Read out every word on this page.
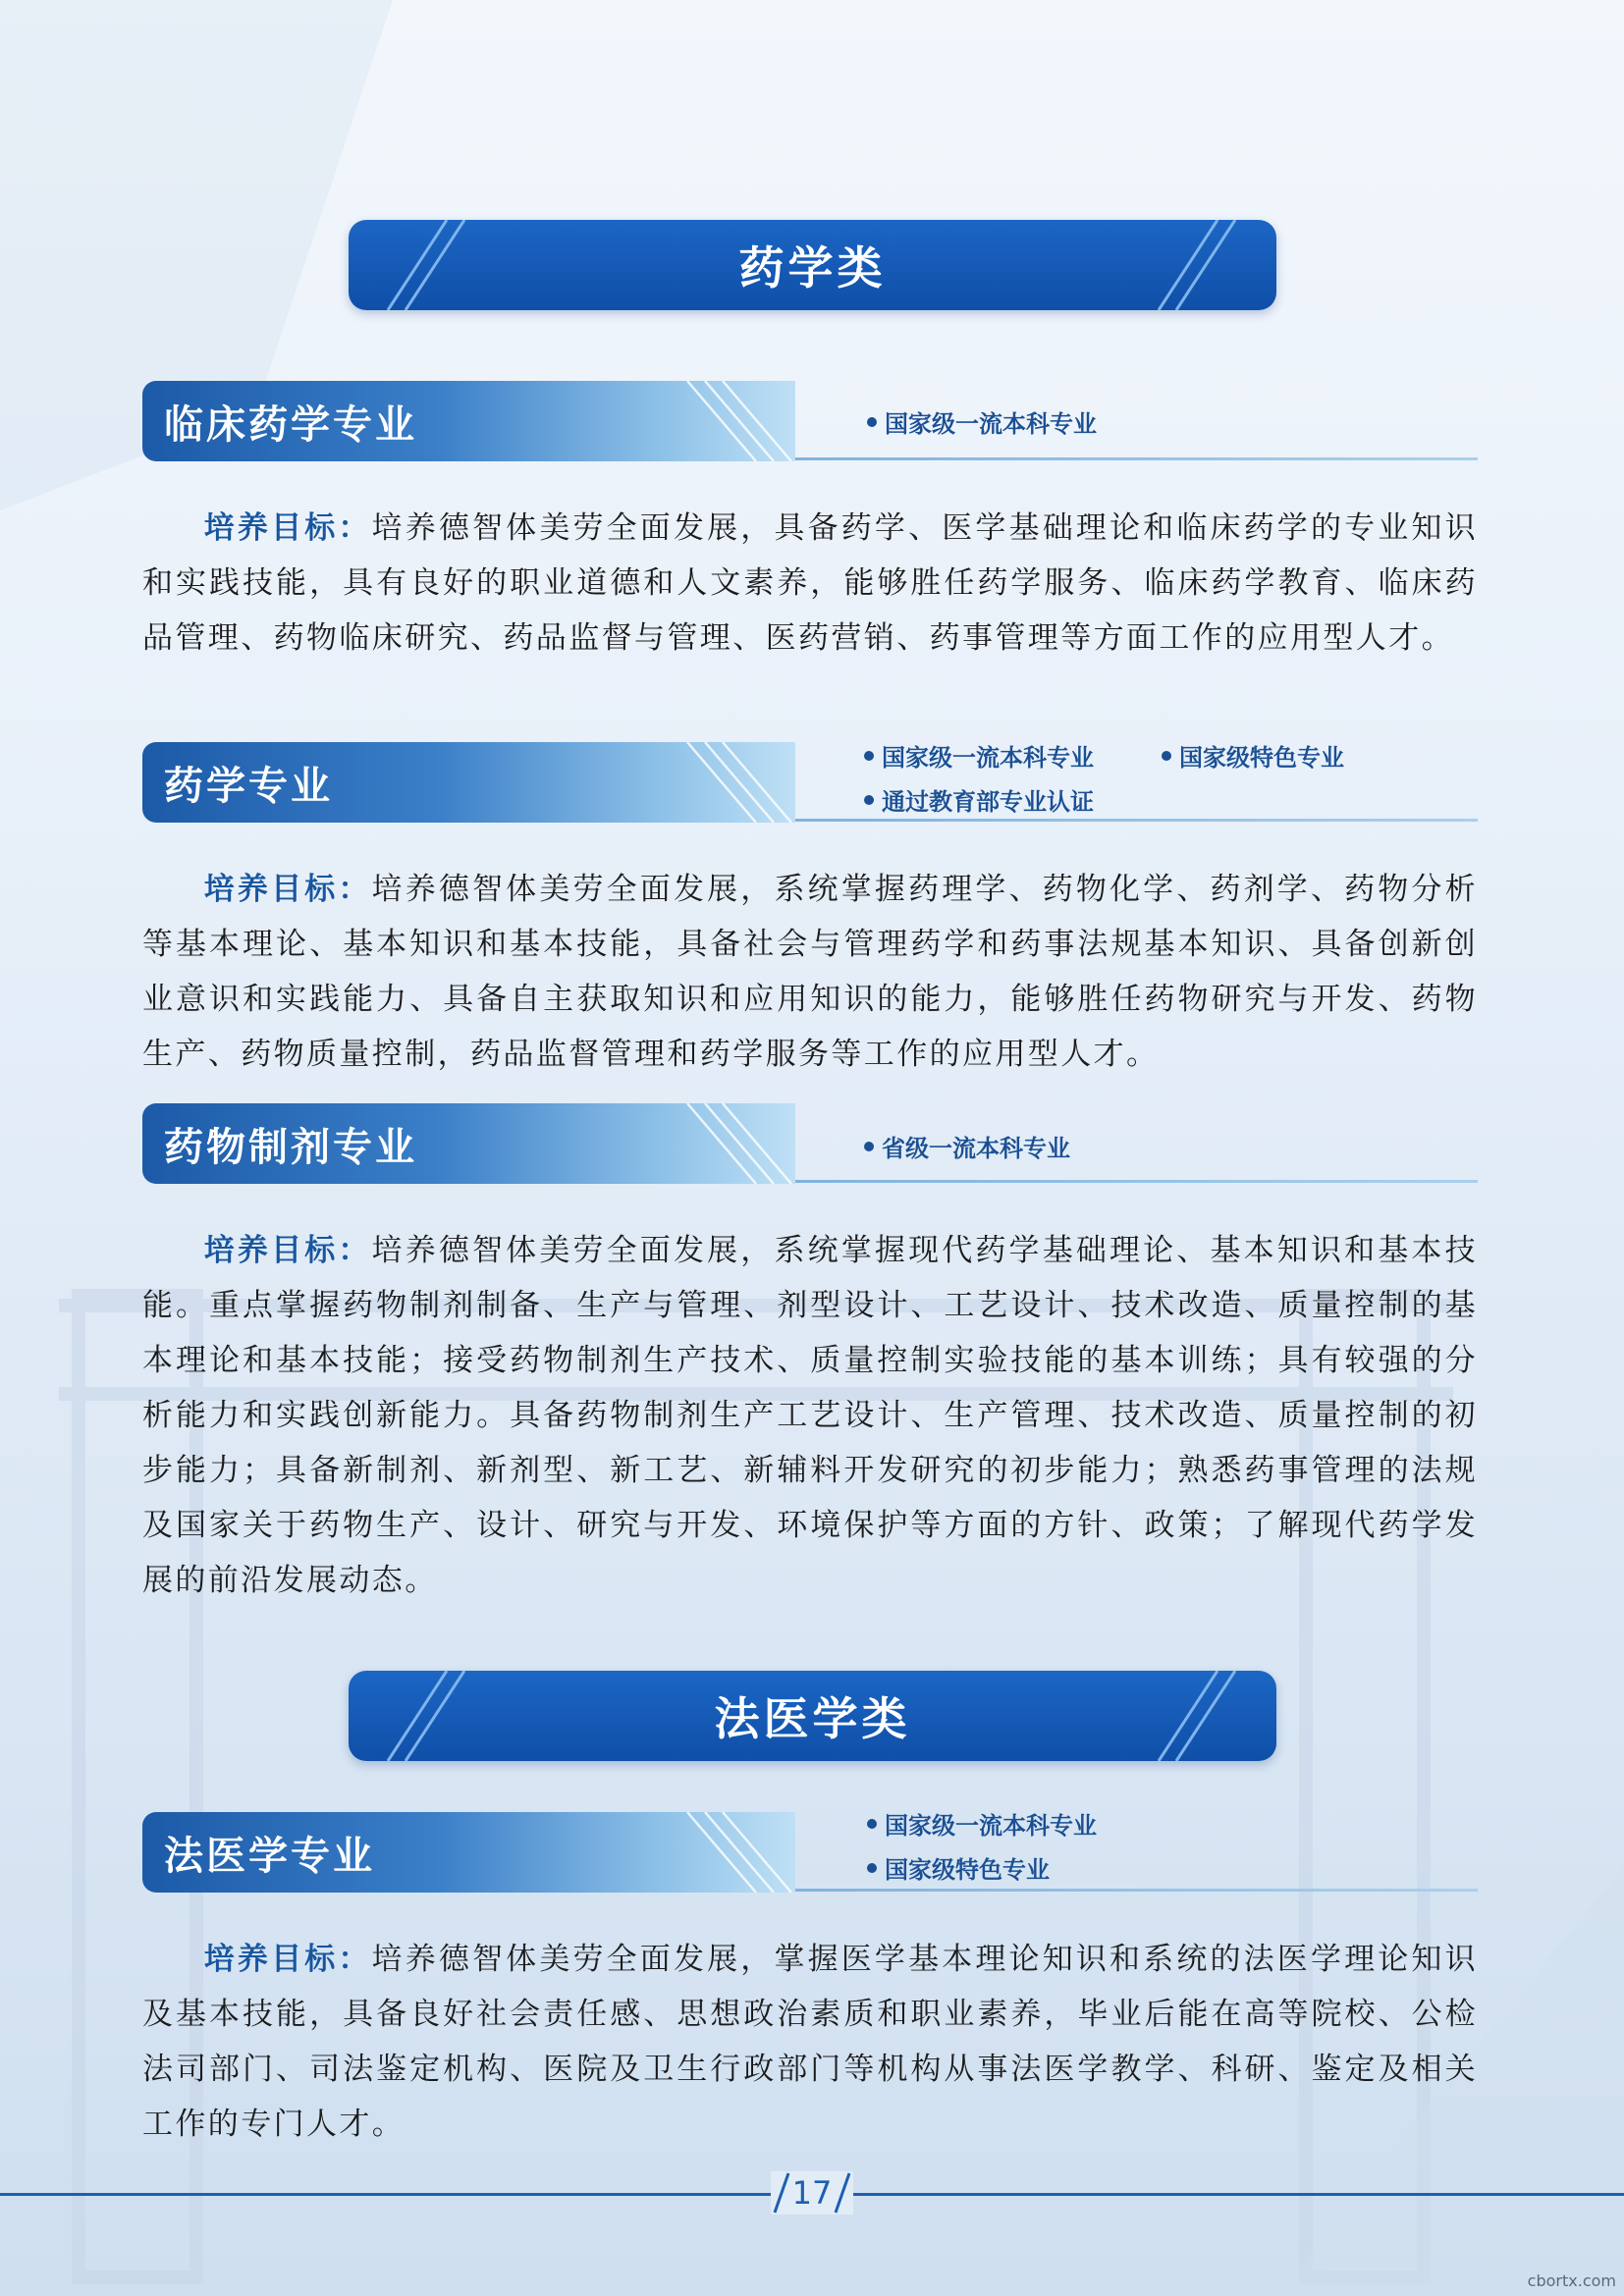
药学类
临床药学专业	国家级一流本科专业
培养目标：培养德智体美劳全面发展，具备药学、医学基础理论和临床药学的专业知识和实践技能，具有良好的职业道德和人文素养，能够胜任药学服务、临床药学教育、临床药品管理、药物临床研究、药品监督与管理、医药营销、药事管理等方面工作的应用型人才。
药学专业
国家级一流本科专业	国家级特色专业
通过教育部专业认证
培养目标：培养德智体美劳全面发展，系统掌握药理学、药物化学、药剂学、药物分析等基本理论、基本知识和基本技能，具备社会与管理药学和药事法规基本知识、具备创新创业意识和实践能力、具备自主获取知识和应用知识的能力，能够胜任药物研究与开发、药物生产、药物质量控制，药品监督管理和药学服务等工作的应用型人才。
药物制剂专业	省级一流本科专业
培养目标：培养德智体美劳全面发展，系统掌握现代药学基础理论、基本知识和基本技能。重点掌握药物制剂制备、生产与管理、剂型设计、工艺设计、技术改造、质量控制的基本理论和基本技能；接受药物制剂生产技术、质量控制实验技能的基本训练；具有较强的分析能力和实践创新能力。具备药物制剂生产工艺设计、生产管理、技术改造、质量控制的初步能力；具备新制剂、新剂型、新工艺、新辅料开发研究的初步能力；熟悉药事管理的法规及国家关于药物生产、设计、研究与开发、环境保护等方面的方针、政策；了解现代药学发展的前沿发展动态。
法医学类
法医学专业
国家级一流本科专业
国家级特色专业
培养目标：培养德智体美劳全面发展，掌握医学基本理论知识和系统的法医学理论知识及基本技能，具备良好社会责任感、思想政治素质和职业素养，毕业后能在高等院校、公检法司部门、司法鉴定机构、医院及卫生行政部门等机构从事法医学教学、科研、鉴定及相关工作的专门人才。
17
cbortx.com
